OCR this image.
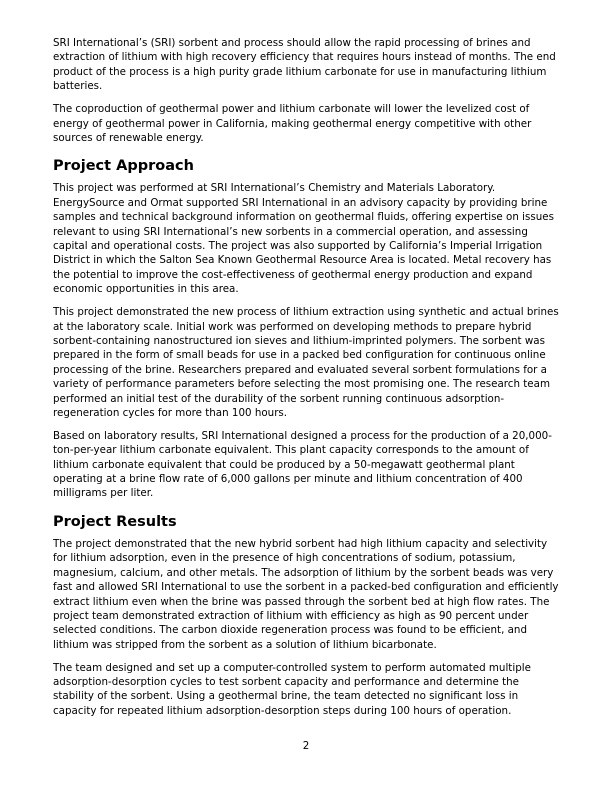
SRI International’s (SRI) sorbent and process should allow the rapid processing of brines and extraction of lithium with high recovery efficiency that requires hours instead of months. The end product of the process is a high purity grade lithium carbonate for use in manufacturing lithium batteries.

The coproduction of geothermal power and lithium carbonate will lower the levelized cost of energy of geothermal power in California, making geothermal energy competitive with other sources of renewable energy.

Project Approach

This project was performed at SRI International’s Chemistry and Materials Laboratory. EnergySource and Ormat supported SRI International in an advisory capacity by providing brine samples and technical background information on geothermal fluids, offering expertise on issues relevant to using SRI International’s new sorbents in a commercial operation, and assessing capital and operational costs. The project was also supported by California’s Imperial Irrigation District in which the Salton Sea Known Geothermal Resource Area is located. Metal recovery has the potential to improve the cost-effectiveness of geothermal energy production and expand economic opportunities in this area.

This project demonstrated the new process of lithium extraction using synthetic and actual brines at the laboratory scale. Initial work was performed on developing methods to prepare hybrid sorbent-containing nanostructured ion sieves and lithium-imprinted polymers. The sorbent was prepared in the form of small beads for use in a packed bed configuration for continuous online processing of the brine. Researchers prepared and evaluated several sorbent formulations for a variety of performance parameters before selecting the most promising one. The research team performed an initial test of the durability of the sorbent running continuous adsorption-regeneration cycles for more than 100 hours.

Based on laboratory results, SRI International designed a process for the production of a 20,000-ton-per-year lithium carbonate equivalent. This plant capacity corresponds to the amount of lithium carbonate equivalent that could be produced by a 50-megawatt geothermal plant operating at a brine flow rate of 6,000 gallons per minute and lithium concentration of 400 milligrams per liter.

Project Results

The project demonstrated that the new hybrid sorbent had high lithium capacity and selectivity for lithium adsorption, even in the presence of high concentrations of sodium, potassium, magnesium, calcium, and other metals. The adsorption of lithium by the sorbent beads was very fast and allowed SRI International to use the sorbent in a packed-bed configuration and efficiently extract lithium even when the brine was passed through the sorbent bed at high flow rates. The project team demonstrated extraction of lithium with efficiency as high as 90 percent under selected conditions. The carbon dioxide regeneration process was found to be efficient, and lithium was stripped from the sorbent as a solution of lithium bicarbonate.

The team designed and set up a computer-controlled system to perform automated multiple adsorption-desorption cycles to test sorbent capacity and performance and determine the stability of the sorbent. Using a geothermal brine, the team detected no significant loss in capacity for repeated lithium adsorption-desorption steps during 100 hours of operation.

2
